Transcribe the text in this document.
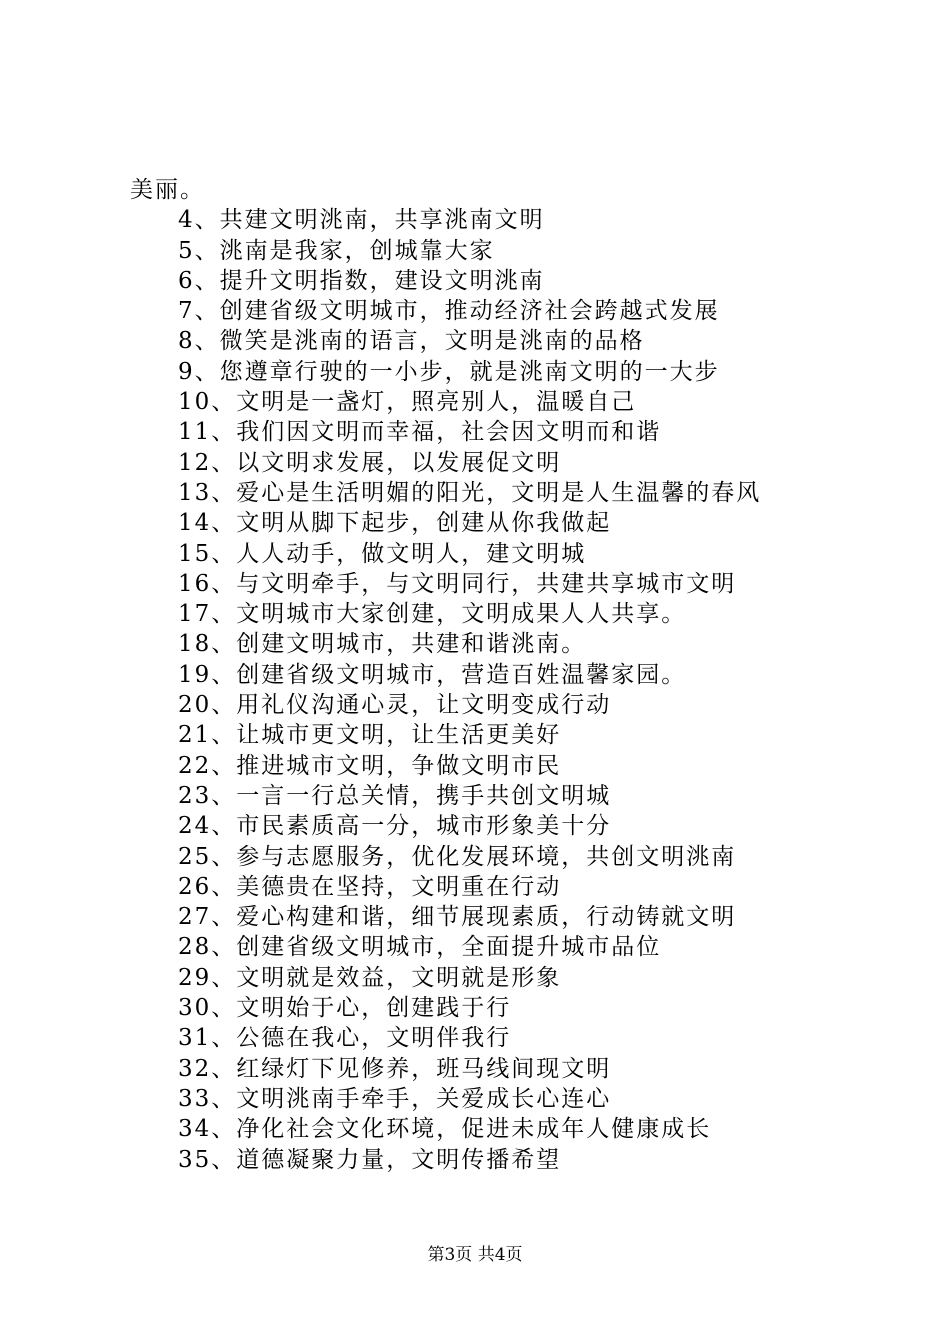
美丽。
4、共建文明洮南，共享洮南文明
5、洮南是我家，创城靠大家
6、提升文明指数，建设文明洮南
7、创建省级文明城市，推动经济社会跨越式发展
8、微笑是洮南的语言，文明是洮南的品格
9、您遵章行驶的一小步，就是洮南文明的一大步
10、文明是一盏灯，照亮别人，温暖自己
11、我们因文明而幸福，社会因文明而和谐
12、以文明求发展，以发展促文明
13、爱心是生活明媚的阳光，文明是人生温馨的春风
14、文明从脚下起步，创建从你我做起
15、人人动手，做文明人，建文明城
16、与文明牵手，与文明同行，共建共享城市文明
17、文明城市大家创建，文明成果人人共享。
18、创建文明城市，共建和谐洮南。
19、创建省级文明城市，营造百姓温馨家园。
20、用礼仪沟通心灵，让文明变成行动
21、让城市更文明，让生活更美好
22、推进城市文明，争做文明市民
23、一言一行总关情，携手共创文明城
24、市民素质高一分，城市形象美十分
25、参与志愿服务，优化发展环境，共创文明洮南
26、美德贵在坚持，文明重在行动
27、爱心构建和谐，细节展现素质，行动铸就文明
28、创建省级文明城市，全面提升城市品位
29、文明就是效益，文明就是形象
30、文明始于心，创建践于行
31、公德在我心，文明伴我行
32、红绿灯下见修养，班马线间现文明
33、文明洮南手牵手，关爱成长心连心
34、净化社会文化环境，促进未成年人健康成长
35、道德凝聚力量，文明传播希望
第3页 共4页
